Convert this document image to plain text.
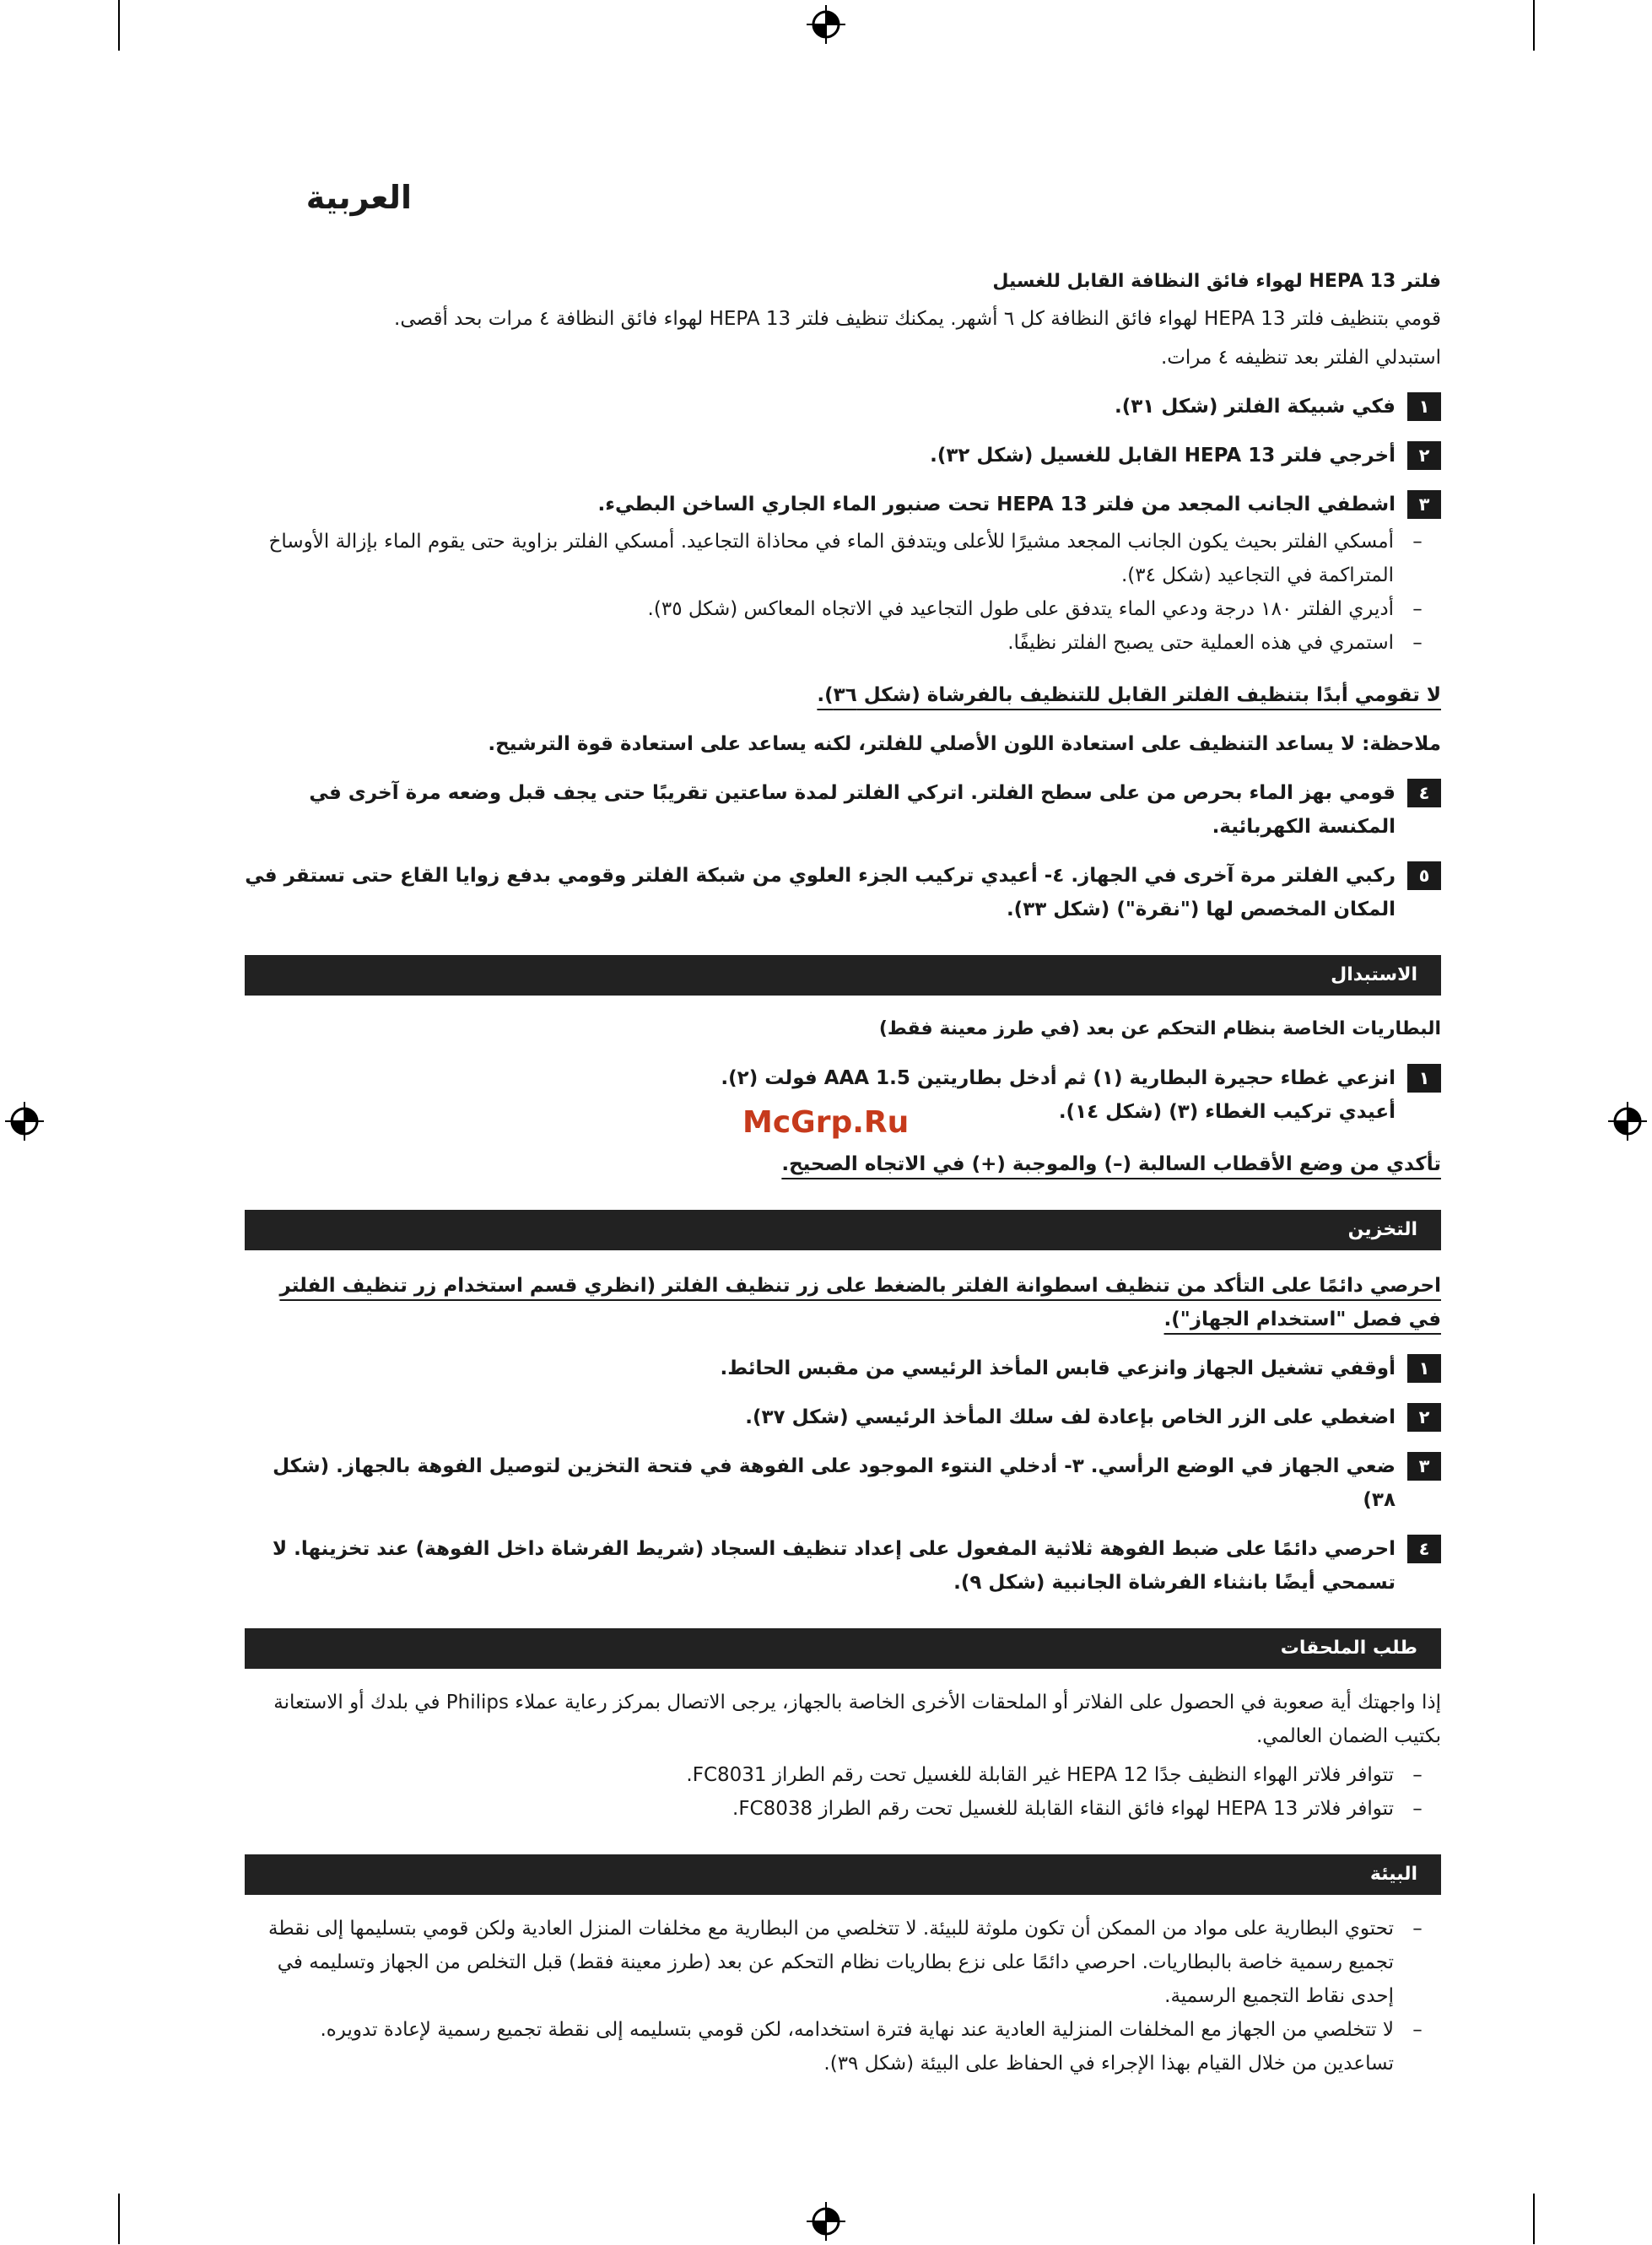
McGrp.Ru
العربية
فلتر HEPA 13 لهواء فائق النظافة القابل للغسيل

قومي بتنظيف فلتر HEPA 13 لهواء فائق النظافة كل ٦ أشهر. يمكنك تنظيف فلتر HEPA 13 لهواء فائق النظافة ٤ مرات بحد أقصى.

استبدلي الفلتر بعد تنظيفه ٤ مرات.

١
فكي شبيكة الفلتر (شكل ٣١).
٢
أخرجي فلتر HEPA 13 القابل للغسيل (شكل ٣٢).
٣
اشطفي الجانب المجعد من فلتر HEPA 13 تحت صنبور الماء الجاري الساخن البطيء.
–
أمسكي الفلتر بحيث يكون الجانب المجعد مشيرًا للأعلى ويتدفق الماء في محاذاة التجاعيد. أمسكي الفلتر بزاوية حتى يقوم الماء بإزالة الأوساخ المتراكمة في التجاعيد (شكل ٣٤).
–
أديري الفلتر ١٨٠ درجة ودعي الماء يتدفق على طول التجاعيد في الاتجاه المعاكس (شكل ٣٥).
–
استمري في هذه العملية حتى يصبح الفلتر نظيفًا.
لا تقومي أبدًا بتنظيف الفلتر القابل للتنظيف بالفرشاة (شكل ٣٦).
ملاحظة: لا يساعد التنظيف على استعادة اللون الأصلي للفلتر، لكنه يساعد على استعادة قوة الترشيح.
٤
قومي بهز الماء بحرص من على سطح الفلتر. اتركي الفلتر لمدة ساعتين تقريبًا حتى يجف قبل وضعه مرة آخرى في المكنسة الكهربائية.
٥
ركبي الفلتر مرة آخرى في الجهاز. ٤- أعيدي تركيب الجزء العلوي من شبكة الفلتر وقومي بدفع زوايا القاع حتى تستقر في المكان المخصص لها ("نقرة") (شكل ٣٣).
الاستبدال
البطاريات الخاصة بنظام التحكم عن بعد (في طرز معينة فقط)
١
انزعي غطاء حجيرة البطارية (١) ثم أدخل بطاريتين AAA 1.5 فولت (٢).
أعيدي تركيب الغطاء (٣) (شكل ١٤).
تأكدي من وضع الأقطاب السالبة (–) والموجبة (+) في الاتجاه الصحيح.
التخزين
احرصي دائمًا على التأكد من تنظيف اسطوانة الفلتر بالضغط على زر تنظيف الفلتر (انظري قسم استخدام زر تنظيف الفلتر في فصل "استخدام الجهاز").
١
أوقفي تشغيل الجهاز وانزعي قابس المأخذ الرئيسي من مقبس الحائط.
٢
اضغطي على الزر الخاص بإعادة لف سلك المأخذ الرئيسي (شكل ٣٧).
٣
ضعي الجهاز في الوضع الرأسي. ٣- أدخلي النتوء الموجود على الفوهة في فتحة التخزين لتوصيل الفوهة بالجهاز. (شكل ٣٨)
٤
احرصي دائمًا على ضبط الفوهة ثلاثية المفعول على إعداد تنظيف السجاد (شريط الفرشاة داخل الفوهة) عند تخزينها. لا تسمحي أيضًا بانثناء الفرشاة الجانبية (شكل ٩).
طلب الملحقات

إذا واجهتك أية صعوبة في الحصول على الفلاتر أو الملحقات الأخرى الخاصة بالجهاز، يرجى الاتصال بمركز رعاية عملاء Philips في بلدك أو الاستعانة بكتيب الضمان العالمي.

–
تتوافر فلاتر الهواء النظيف جدًا HEPA 12 غير القابلة للغسيل تحت رقم الطراز FC8031.
–
تتوافر فلاتر HEPA 13 لهواء فائق النقاء القابلة للغسيل تحت رقم الطراز FC8038.
البيئة
–
تحتوي البطارية على مواد من الممكن أن تكون ملوثة للبيئة. لا تتخلصي من البطارية مع مخلفات المنزل العادية ولكن قومي بتسليمها إلى نقطة تجميع رسمية خاصة بالبطاريات. احرصي دائمًا على نزع بطاريات نظام التحكم عن بعد (طرز معينة فقط) قبل التخلص من الجهاز وتسليمه في إحدى نقاط التجميع الرسمية.
–
لا تتخلصي من الجهاز مع المخلفات المنزلية العادية عند نهاية فترة استخدامه، لكن قومي بتسليمه إلى نقطة تجميع رسمية لإعادة تدويره. تساعدين من خلال القيام بهذا الإجراء في الحفاظ على البيئة (شكل ٣٩).
